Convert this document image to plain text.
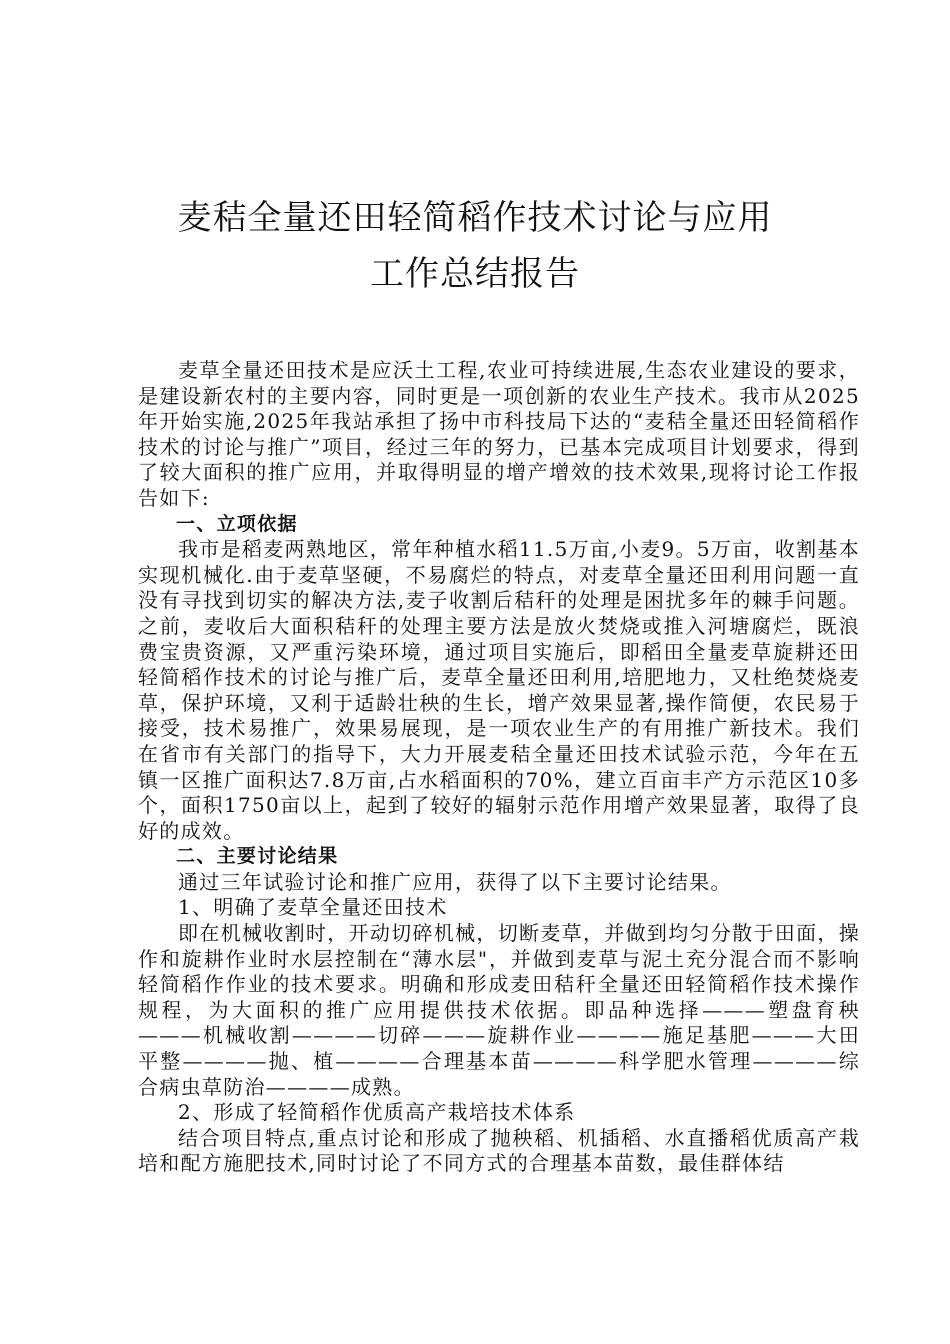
麦秸全量还田轻简稻作技术讨论与应用
工作总结报告

麦草全量还田技术是应沃土工程,农业可持续进展,生态农业建设的要求，是建设新农村的主要内容，同时更是一项创新的农业生产技术。我市从2025年开始实施,2025年我站承担了扬中市科技局下达的“麦秸全量还田轻简稻作技术的讨论与推广”项目，经过三年的努力，已基本完成项目计划要求，得到了较大面积的推广应用，并取得明显的增产增效的技术效果,现将讨论工作报告如下:

一、立项依据

我市是稻麦两熟地区，常年种植水稻11.5万亩,小麦9。5万亩，收割基本实现机械化.由于麦草坚硬，不易腐烂的特点，对麦草全量还田利用问题一直没有寻找到切实的解决方法,麦子收割后秸秆的处理是困扰多年的棘手问题。之前，麦收后大面积秸秆的处理主要方法是放火焚烧或推入河塘腐烂，既浪费宝贵资源，又严重污染环境，通过项目实施后，即稻田全量麦草旋耕还田轻简稻作技术的讨论与推广后，麦草全量还田利用,培肥地力，又杜绝焚烧麦草，保护环境，又利于适龄壮秧的生长，增产效果显著,操作简便，农民易于接受，技术易推广，效果易展现，是一项农业生产的有用推广新技术。我们在省市有关部门的指导下，大力开展麦秸全量还田技术试验示范，今年在五镇一区推广面积达7.8万亩,占水稻面积的70%，建立百亩丰产方示范区10多个，面积1750亩以上，起到了较好的辐射示范作用增产效果显著，取得了良好的成效。

二、主要讨论结果

通过三年试验讨论和推广应用，获得了以下主要讨论结果。

1、明确了麦草全量还田技术

即在机械收割时，开动切碎机械，切断麦草，并做到均匀分散于田面，操作和旋耕作业时水层控制在“薄水层"，并做到麦草与泥土充分混合而不影响轻简稻作作业的技术要求。明确和形成麦田秸秆全量还田轻简稻作技术操作规程，为大面积的推广应用提供技术依据。即品种选择———塑盘育秧———机械收割————切碎———旋耕作业————施足基肥———大田平整————抛、植————合理基本苗————科学肥水管理————综合病虫草防治————成熟。

2、形成了轻简稻作优质高产栽培技术体系

结合项目特点,重点讨论和形成了抛秧稻、机插稻、水直播稻优质高产栽培和配方施肥技术,同时讨论了不同方式的合理基本苗数，最佳群体结
